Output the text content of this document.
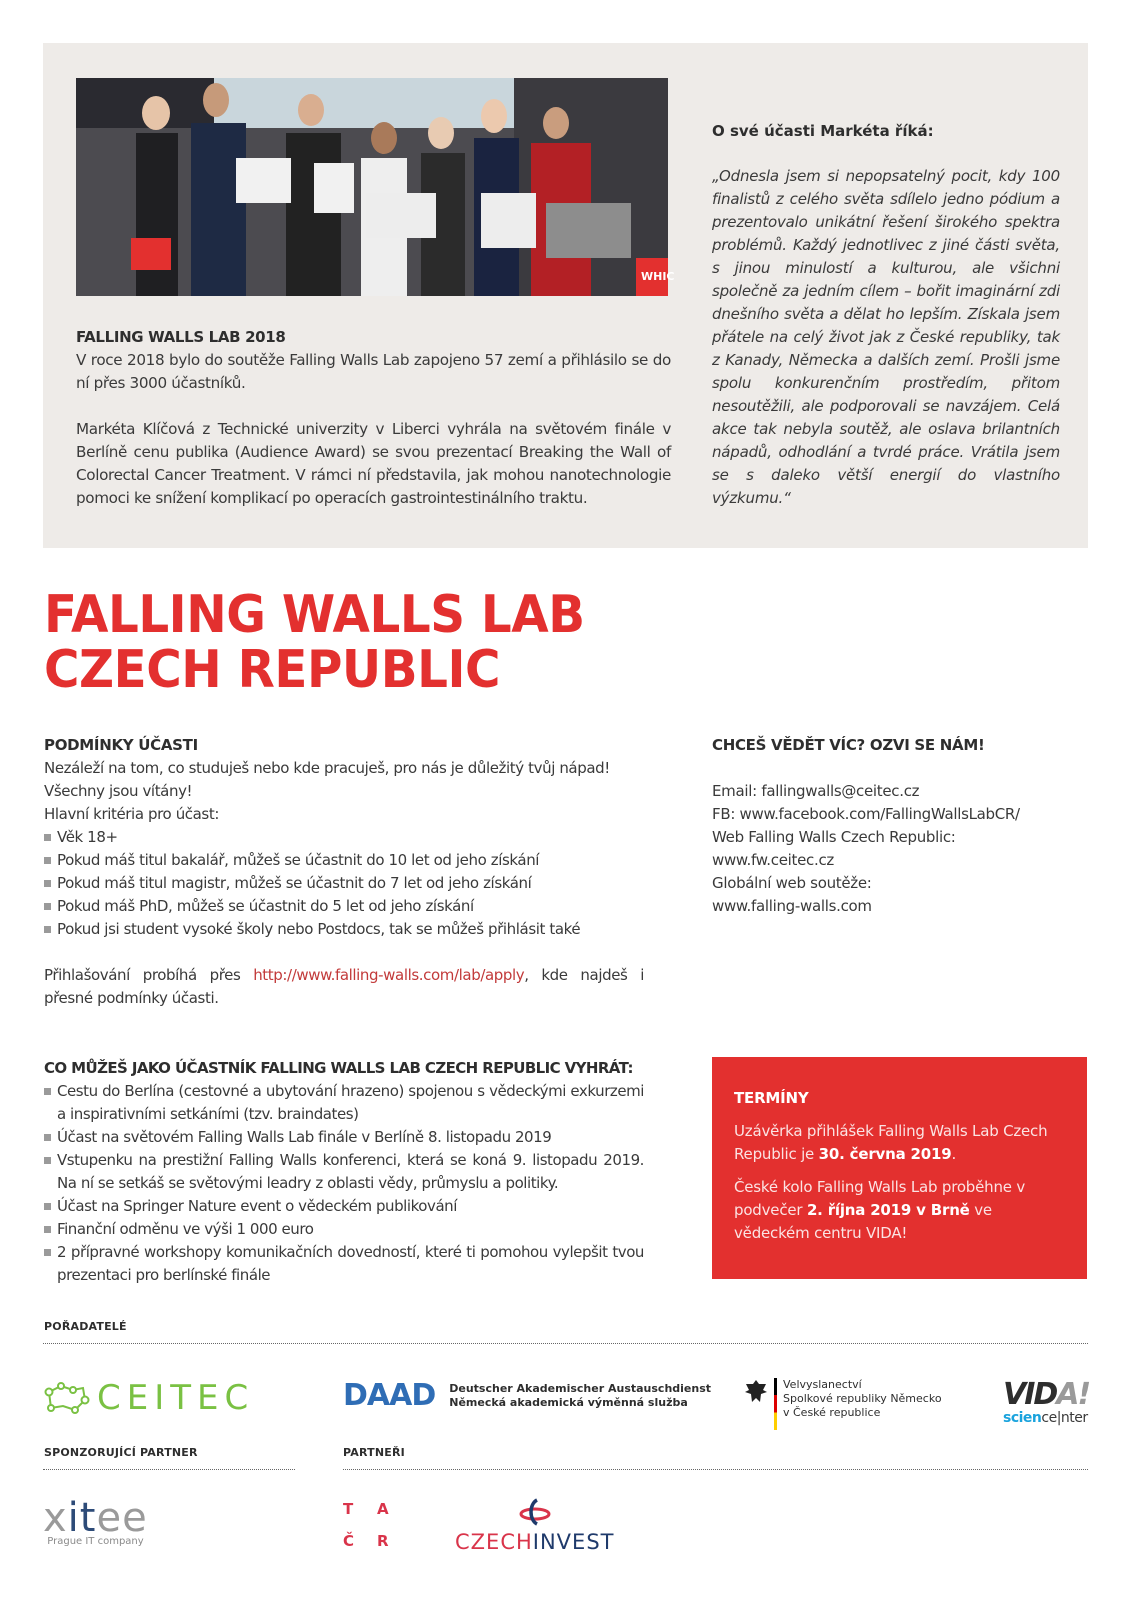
WHIC
FALLING WALLS LAB 2018

V roce 2018 bylo do soutěže Falling Walls Lab zapojeno 57 zemí a přihlásilo se do ní přes 3000 účastníků.

Markéta Klíčová z Technické univerzity v Liberci vyhrála na světovém finále v Berlíně cenu publika (Audience Award) se svou prezentací Breaking the Wall of Colorectal Cancer Treatment. V rámci ní představila, jak mohou nanotechnologie pomoci ke snížení komplikací po operacích gastrointestinálního traktu.

O své účasti Markéta říká:

„Odnesla jsem si nepopsatelný pocit, kdy 100 finalistů z celého světa sdílelo jedno pódium a prezentovalo unikátní řešení širokého spektra problémů. Každý jednotlivec z jiné části světa, s jinou minulostí a kulturou, ale všichni společně za jedním cílem – bořit imaginární zdi dnešního světa a dělat ho lepším. Získala jsem přátele na celý život jak z České republiky, tak z Kanady, Německa a dalších zemí. Prošli jsme spolu konkurenčním prostředím, přitom nesoutěžili, ale podporovali se navzájem. Celá akce tak nebyla soutěž, ale oslava brilantních nápadů, odhodlání a tvrdé práce. Vrátila jsem se s daleko větší energií do vlastního výzkumu.“

FALLING WALLS LAB
CZECH REPUBLIC
PODMÍNKY ÚČASTI
Nezáleží na tom, co studuješ nebo kde pracuješ, pro nás je důležitý tvůj nápad!
Všechny jsou vítány!
Hlavní kritéria pro účast:
Věk 18+
Pokud máš titul bakalář, můžeš se účastnit do 10 let od jeho získání
Pokud máš titul magistr, můžeš se účastnit do 7 let od jeho získání
Pokud máš PhD, můžeš se účastnit do 5 let od jeho získání
Pokud jsi student vysoké školy nebo Postdocs, tak se můžeš přihlásit také

Přihlašování probíhá přes http://www.falling-walls.com/lab/apply, kde najdeš i přesné podmínky účasti.

CHCEŠ VĚDĚT VÍC? OZVI SE NÁM!
Email: fallingwalls@ceitec.cz
FB: www.facebook.com/FallingWallsLabCR/
Web Falling Walls Czech Republic:
www.fw.ceitec.cz
Globální web soutěže:
www.falling-walls.com
CO MŮŽEŠ JAKO ÚČASTNÍK FALLING WALLS LAB CZECH REPUBLIC VYHRÁT:
Cestu do Berlína (cestovné a ubytování hrazeno) spojenou s vědeckými exkurzemi a inspirativními setkáními (tzv. braindates)
Účast na světovém Falling Walls Lab finále v Berlíně 8. listopadu 2019
Vstupenku na prestižní Falling Walls konferenci, která se koná 9. listopadu 2019. Na ní se setkáš se světovými leadry z oblasti vědy, průmyslu a politiky.
Účast na Springer Nature event o vědeckém publikování
Finanční odměnu ve výši 1 000 euro
2 přípravné workshopy komunikačních dovedností, které ti pomohou vylepšit tvou prezentaci pro berlínské finále
TERMÍNY

Uzávěrka přihlášek Falling Walls Lab Czech Republic je 30. června 2019.

České kolo Falling Walls Lab proběhne v podvečer 2. října 2019 v Brně ve vědeckém centru VIDA!

POŘADATELÉ
CEITEC	DAAD Deutscher Akademischer Austauschdienst
Německá akademická výměnná služba
Velvyslanectví
Spolkové republiky Německo
v České republice
VIDA!
science|nter
SPONZORUJÍCÍ PARTNER	PARTNEŘI
xitee
Prague IT company
T	A
Č	R	CZECHINVEST
